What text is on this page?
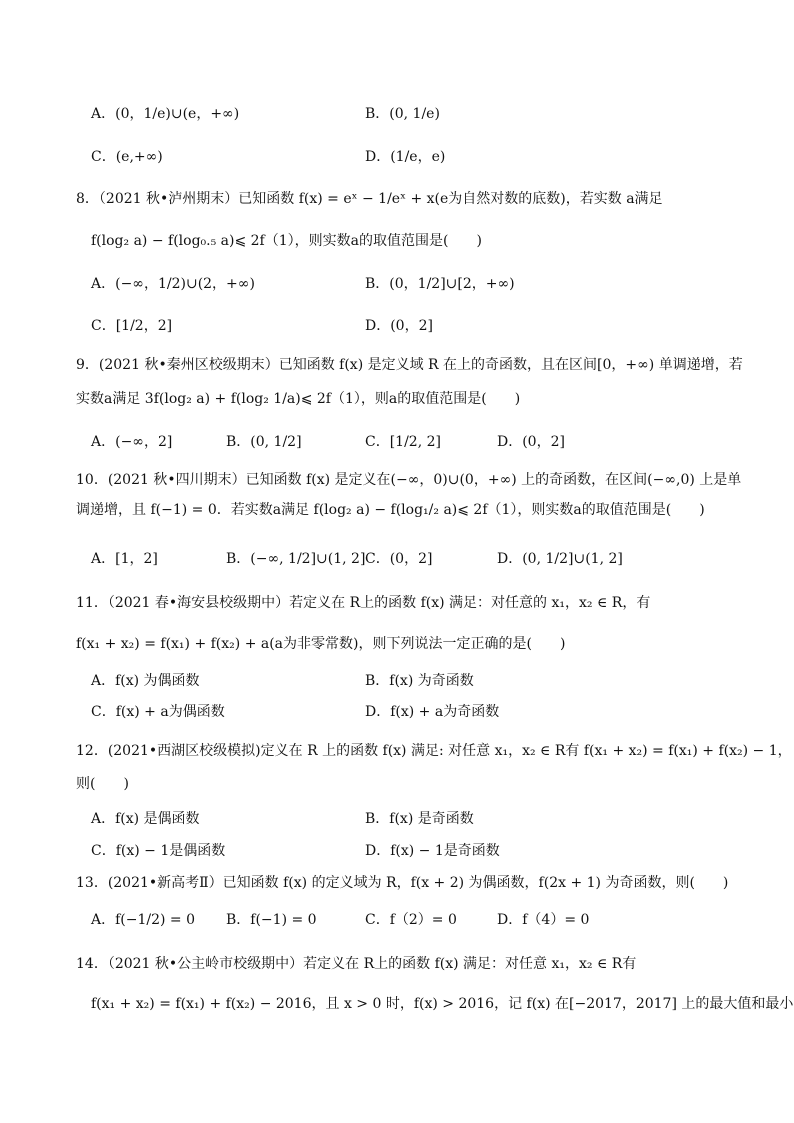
A．(0，1/e)∪(e，+∞)	B．(0, 1/e)
C．(e,+∞)	D．(1/e，e)
8．（2021 秋•泸州期末）已知函数 f(x) = eˣ − 1/eˣ + x(e为自然对数的底数)，若实数 a满足
f(log₂ a) − f(log₀.₅ a)⩽ 2f（1），则实数a的取值范围是(　　)
A．(−∞，1/2)∪(2，+∞)	B．(0，1/2]∪[2，+∞)
C．[1/2，2]	D．(0，2]
9．(2021 秋•秦州区校级期末）已知函数 f(x) 是定义域 R 在上的奇函数，且在区间[0，+∞) 单调递增，若
实数a满足 3f(log₂ a) + f(log₂ 1/a)⩽ 2f（1），则a的取值范围是(　　)
A．(−∞，2]	B．(0, 1/2]	C．[1/2, 2]	D．(0，2]
10．(2021 秋•四川期末）已知函数 f(x) 是定义在(−∞，0)∪(0，+∞) 上的奇函数，在区间(−∞,0) 上是单
调递增，且 f(−1) = 0．若实数a满足 f(log₂ a) − f(log₁/₂ a)⩽ 2f（1），则实数a的取值范围是(　　)
A．[1，2]	B．(−∞, 1/2]∪(1, 2] C．(0，2]	D．(0, 1/2]∪(1, 2]
11．（2021 春•海安县校级期中）若定义在 R上的函数 f(x) 满足：对任意的 x₁，x₂ ∈ R，有
f(x₁ + x₂) = f(x₁) + f(x₂) + a(a为非零常数)，则下列说法一定正确的是(　　)
A．f(x) 为偶函数	B．f(x) 为奇函数
C．f(x) + a为偶函数	D．f(x) + a为奇函数
12．(2021•西湖区校级模拟)定义在 R 上的函数 f(x) 满足: 对任意 x₁，x₂ ∈ R有 f(x₁ + x₂) = f(x₁) + f(x₂) − 1，
则(　　)
A．f(x) 是偶函数	B．f(x) 是奇函数
C．f(x) − 1是偶函数	D．f(x) − 1是奇函数
13．(2021•新高考Ⅱ）已知函数 f(x) 的定义域为 R，f(x + 2) 为偶函数，f(2x + 1) 为奇函数，则(　　)
A．f(−1/2) = 0 B．f(−1) = 0	C．f（2）= 0	D．f（4）= 0
14．（2021 秋•公主岭市校级期中）若定义在 R上的函数 f(x) 满足：对任意 x₁，x₂ ∈ R有
f(x₁ + x₂) = f(x₁) + f(x₂) − 2016，且 x > 0 时，f(x) > 2016，记 f(x) 在[−2017，2017] 上的最大值和最小
